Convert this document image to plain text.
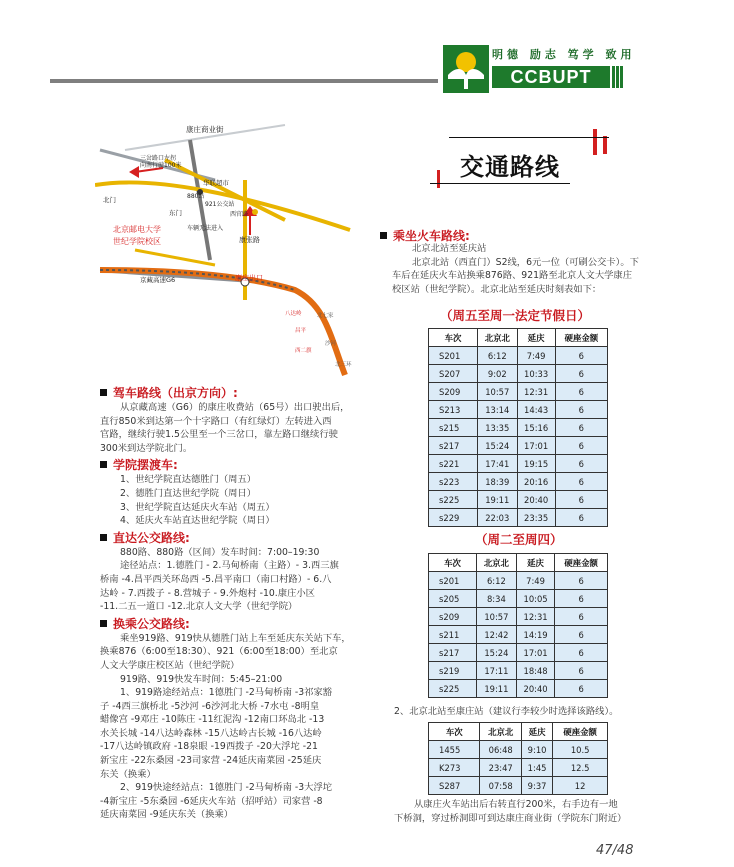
明德 励志 笃学 致用
CCBUPT
交通路线
康庄商业街
三岔路口左拐
向南行驶100米
华联超市
880站
921公交站
西官路
车辆无法进入
北门
东门
北京邮电大学
世纪学院校区	康张路
京藏高速G6	康庄出口
八达岭	北七家
昌平
沙河
西二旗
北三环
驾车路线（出京方向）:

从京藏高速（G6）的康庄收费站（65号）出口驶出后，

直行850米到达第一个十字路口（有红绿灯）左转进入西

官路，继续行驶1.5公里至一个三岔口，靠左路口继续行驶

300米到达学院北门。

学院摆渡车:

1、世纪学院直达德胜门（周五）

2、德胜门直达世纪学院（周日）

3、世纪学院直达延庆火车站（周五）

4、延庆火车站直达世纪学院（周日）

直达公交路线:

880路、880路（区间）发车时间：7:00–19:30

途径站点：1.德胜门 - 2.马甸桥南（主路）- 3.西三旗

桥南 -4.昌平西关环岛西 -5.昌平南口（南口村路）- 6.八

达岭 - 7.西拨子 - 8.营城子 - 9.外炮村 -10.康庄小区

-11.二五一道口 -12.北京人文大学（世纪学院）

换乘公交路线:

乘坐919路、919快从德胜门站上车至延庆东关站下车，

换乘876（6:00至18:30）、921（6:00至18:00）至北京

人文大学康庄校区站（世纪学院）

919路、919快发车时间：5:45–21:00

1、919路途经站点：1德胜门 -2马甸桥南 -3祁家豁

子 -4西三旗桥北 -5沙河 -6沙河北大桥 -7水屯 -8明皇

蜡像宫 -9邓庄 -10陈庄 -11红泥沟 -12南口环岛北 -13

水关长城 -14八达岭森林 -15八达岭古长城 -16八达岭

-17八达岭镇政府 -18泉眼 -19西拨子 -20大浮坨 -21

新宝庄 -22东桑园 -23司家营 -24延庆南菜园 -25延庆

东关（换乘）

2、919快途经站点：1德胜门 -2马甸桥南 -3大浮坨

-4新宝庄 -5东桑园 -6延庆火车站（招呼站）司家营 -8

延庆南菜园 -9延庆东关（换乘）

乘坐火车路线:

北京北站至延庆站

北京北站（西直门）S2线，6元一位（可刷公交卡）。下

车后在延庆火车站换乘876路、921路至北京人文大学康庄

校区站（世纪学院）。北京北站至延庆时刻表如下：

（周五至周一法定节假日）
车次	北京北	延庆	硬座金额
S201	6:12	7:49	6
S207	9:02	10:33	6
S209	10:57	12:31	6
S213	13:14	14:43	6
s215	13:35	15:16	6
s217	15:24	17:01	6
s221	17:41	19:15	6
s223	18:39	20:16	6
s225	19:11	20:40	6
s229	22:03	23:35	6
（周二至周四）
车次	北京北	延庆	硬座金额
s201	6:12	7:49	6
s205	8:34	10:05	6
s209	10:57	12:31	6
s211	12:42	14:19	6
s217	15:24	17:01	6
s219	17:11	18:48	6
s225	19:11	20:40	6

2、北京北站至康庄站（建议行李较少时选择该路线）。

车次	北京北	延庆	硬座金额
1455	06:48	9:10	10.5
K273	23:47	1:45	12.5
S287	07:58	9:37	12

从康庄火车站出后右转直行200米，右手边有一地

下桥洞，穿过桥洞即可到达康庄商业街（学院东门附近）

47/48
